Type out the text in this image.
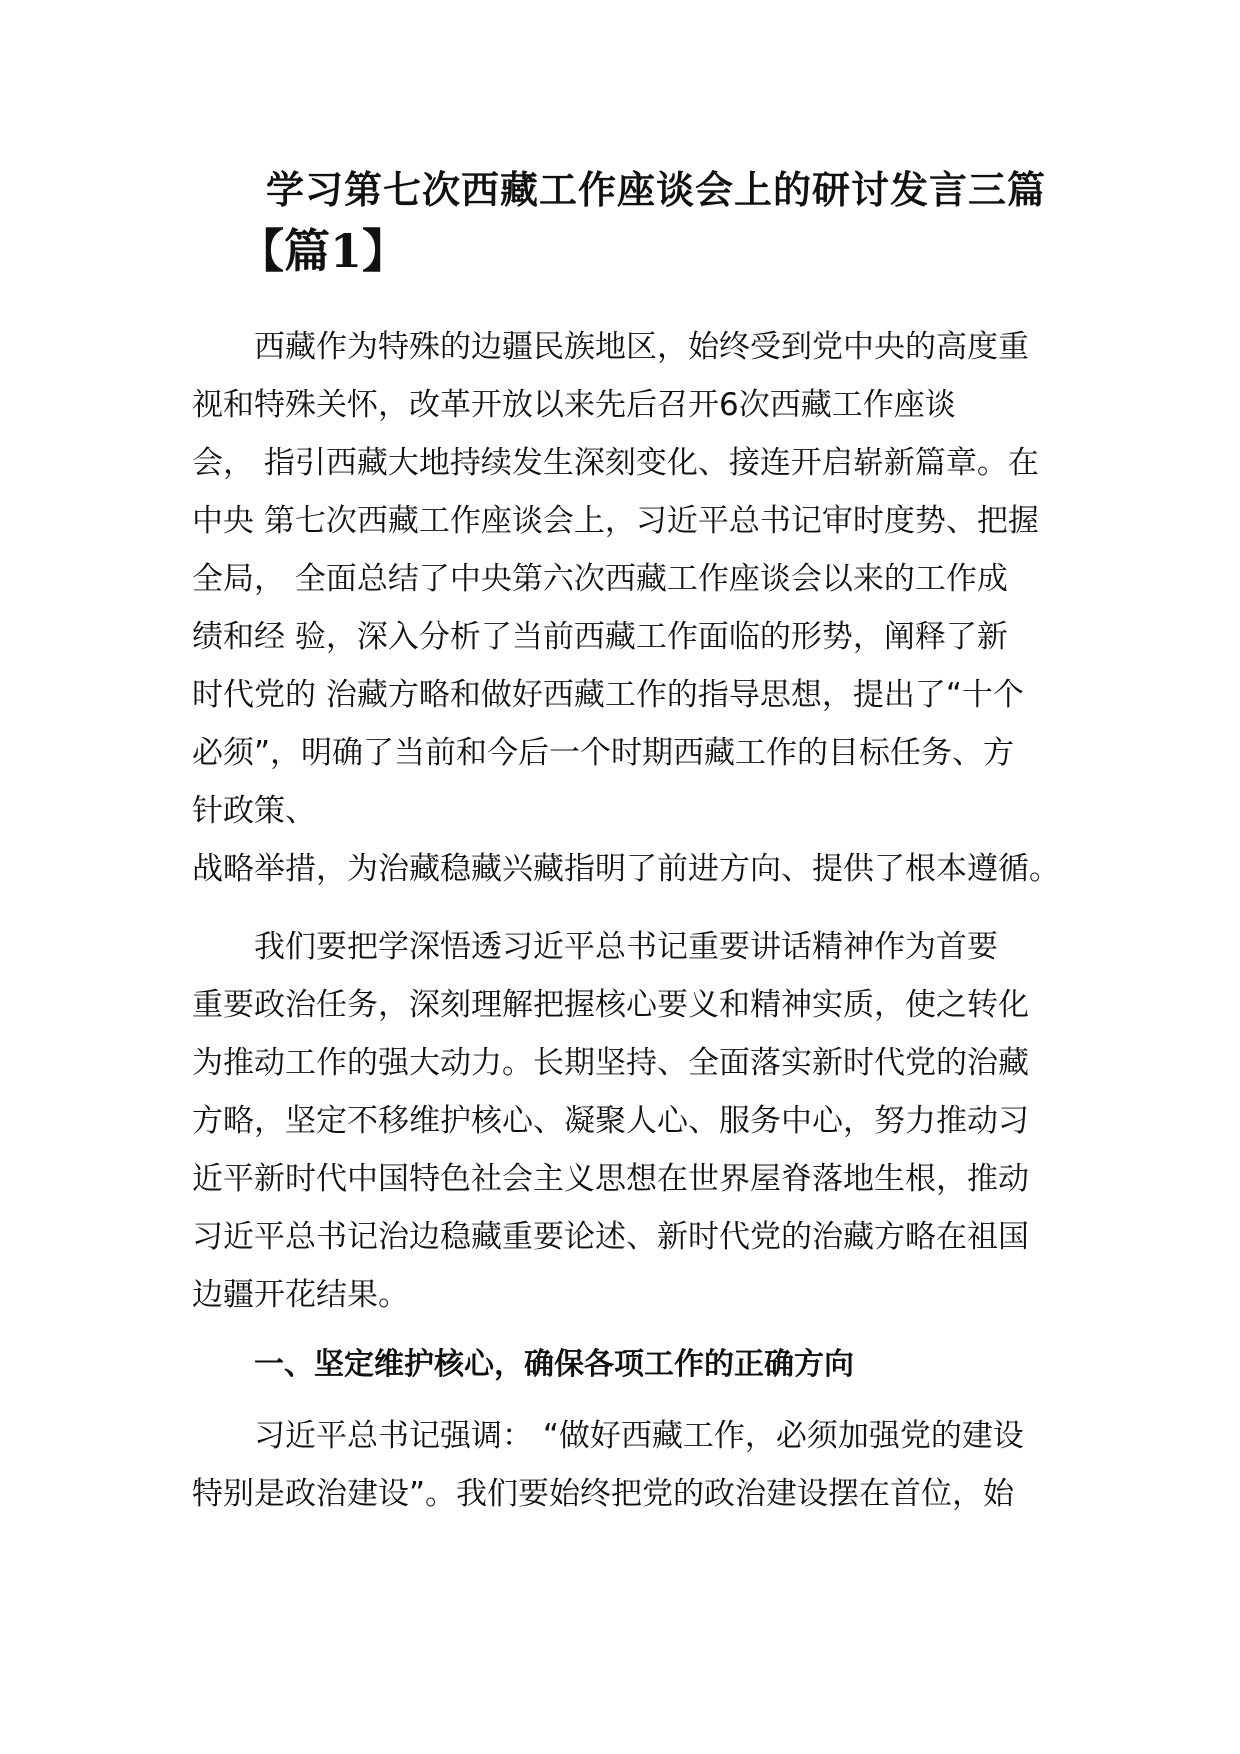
学习第七次西藏工作座谈会上的研讨发言三篇
【篇1】
西藏作为特殊的边疆民族地区，始终受到党中央的高度重
视和特殊关怀，改革开放以来先后召开6次西藏工作座谈
会， 指引西藏大地持续发生深刻变化、接连开启崭新篇章。在
中央 第七次西藏工作座谈会上，习近平总书记审时度势、把握
全局， 全面总结了中央第六次西藏工作座谈会以来的工作成
绩和经 验，深入分析了当前西藏工作面临的形势，阐释了新
时代党的 治藏方略和做好西藏工作的指导思想，提出了“十个
必须”，明确了当前和今后一个时期西藏工作的目标任务、方
针政策、
战略举措，为治藏稳藏兴藏指明了前进方向、提供了根本遵循。
我们要把学深悟透习近平总书记重要讲话精神作为首要
重要政治任务，深刻理解把握核心要义和精神实质，使之转化
为推动工作的强大动力。长期坚持、全面落实新时代党的治藏
方略，坚定不移维护核心、凝聚人心、服务中心，努力推动习
近平新时代中国特色社会主义思想在世界屋脊落地生根，推动
习近平总书记治边稳藏重要论述、新时代党的治藏方略在祖国
边疆开花结果。
一、坚定维护核心，确保各项工作的正确方向
习近平总书记强调： “做好西藏工作，必须加强党的建设
特别是政治建设”。我们要始终把党的政治建设摆在首位，始
